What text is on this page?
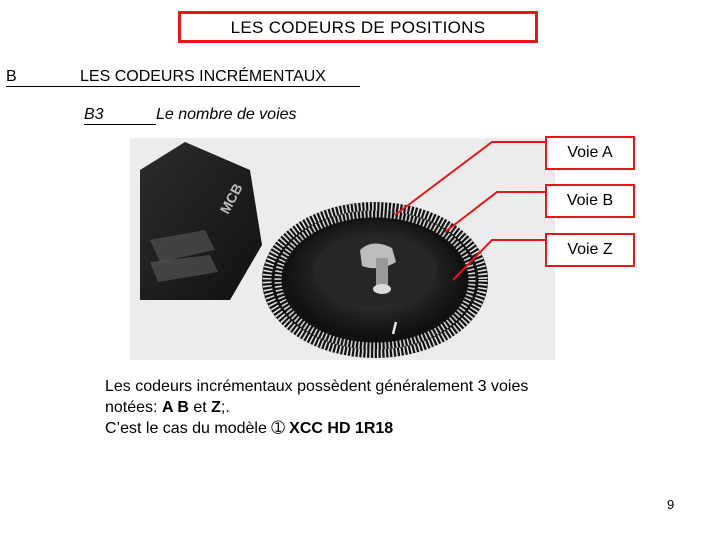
LES CODEURS DE POSITIONS
B	LES CODEURS INCRÉMENTAUX
B3	Le nombre de voies
MCB
Voie A
Voie B
Voie Z
Les codeurs incrémentaux possèdent généralement 3 voies
notées: A B et Z;.
C’est le cas du modèle ➀ XCC HD 1R18
9
